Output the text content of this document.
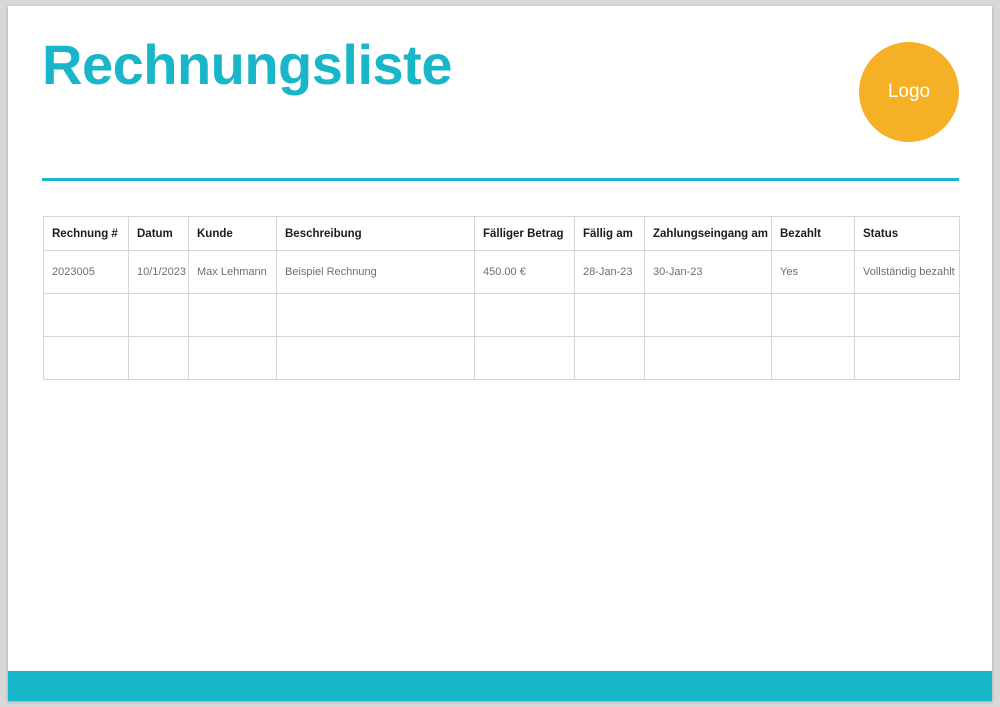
Rechnungsliste	Logo
Rechnung #	Datum	Kunde	Beschreibung	Fälliger Betrag	Fällig am	Zahlungseingang am	Bezahlt	Status
2023005	10/1/2023	Max Lehmann	Beispiel Rechnung	450.00 €	28-Jan-23	30-Jan-23	Yes	Vollständig bezahlt
